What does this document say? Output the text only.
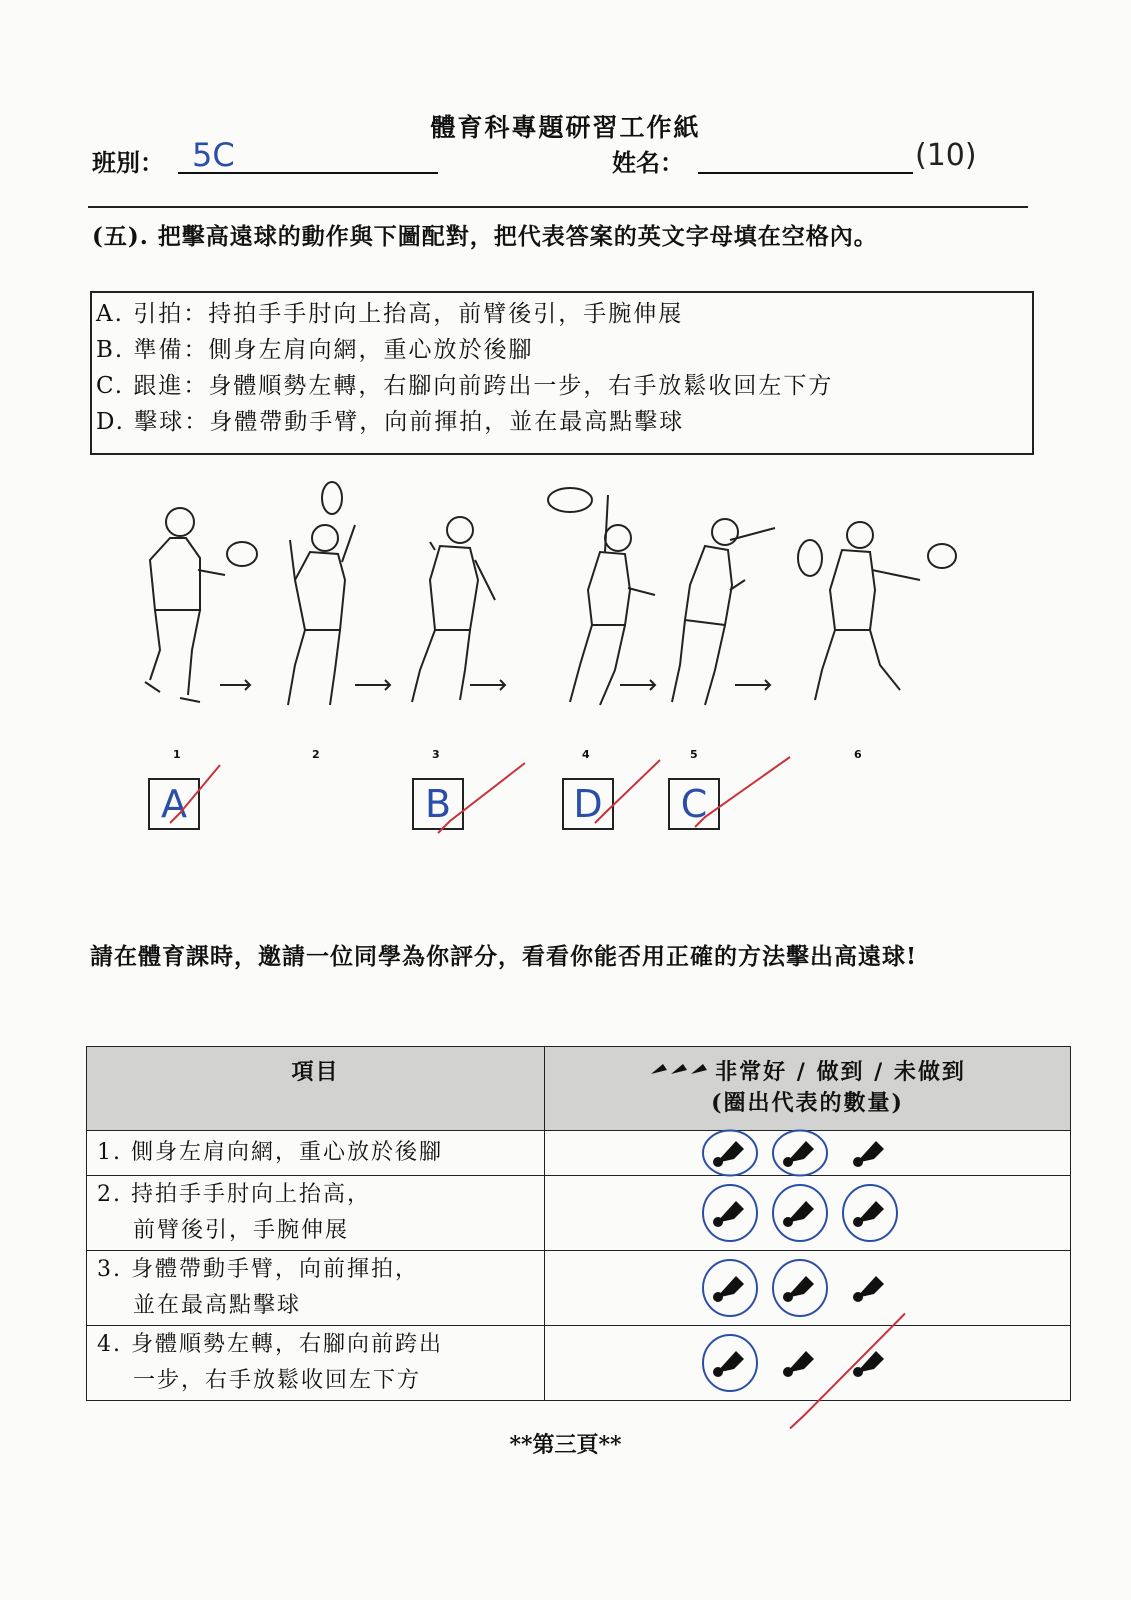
體育科專題研習工作紙
班別： 5C	姓名：	(10)
(五). 把擊高遠球的動作與下圖配對，把代表答案的英文字母填在空格內。
A. 引拍：持拍手手肘向上抬高，前臂後引，手腕伸展
B. 準備：側身左肩向網，重心放於後腳
C. 跟進：身體順勢左轉，右腳向前跨出一步，右手放鬆收回左下方
D. 擊球：身體帶動手臂，向前揮拍，並在最高點擊球
1	2	3	4	5	6
A	B	D	C
請在體育課時，邀請一位同學為你評分，看看你能否用正確的方法擊出高遠球!
項目	非常好 / 做到 / 未做到
(圈出代表的數量)

1. 側身左肩向網，重心放於後腳	

2. 持拍手手肘向上抬高，
前臂後引，手腕伸展	

3. 身體帶動手臂，向前揮拍，
並在最高點擊球	

4. 身體順勢左轉，右腳向前跨出
一步，右手放鬆收回左下方	

**第三頁**
